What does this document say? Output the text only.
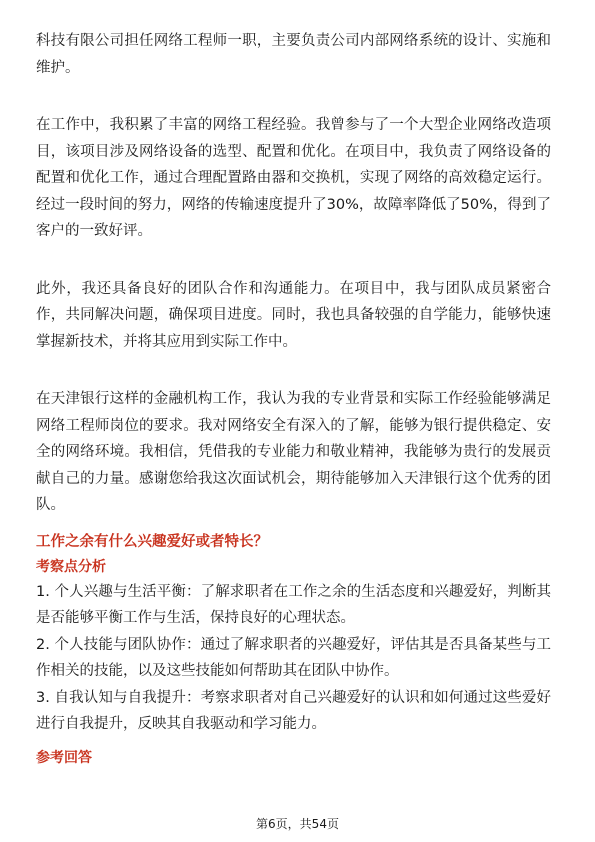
科技有限公司担任网络工程师一职，主要负责公司内部网络系统的设计、实施和维护。

在工作中，我积累了丰富的网络工程经验。我曾参与了一个大型企业网络改造项目，该项目涉及网络设备的选型、配置和优化。在项目中，我负责了网络设备的配置和优化工作，通过合理配置路由器和交换机，实现了网络的高效稳定运行。经过一段时间的努力，网络的传输速度提升了30%，故障率降低了50%，得到了客户的一致好评。

此外，我还具备良好的团队合作和沟通能力。在项目中，我与团队成员紧密合作，共同解决问题，确保项目进度。同时，我也具备较强的自学能力，能够快速掌握新技术，并将其应用到实际工作中。

在天津银行这样的金融机构工作，我认为我的专业背景和实际工作经验能够满足网络工程师岗位的要求。我对网络安全有深入的了解，能够为银行提供稳定、安全的网络环境。我相信，凭借我的专业能力和敬业精神，我能够为贵行的发展贡献自己的力量。感谢您给我这次面试机会，期待能够加入天津银行这个优秀的团队。

工作之余有什么兴趣爱好或者特长？

考察点分析

1. 个人兴趣与生活平衡：了解求职者在工作之余的生活态度和兴趣爱好，判断其是否能够平衡工作与生活，保持良好的心理状态。
2. 个人技能与团队协作：通过了解求职者的兴趣爱好，评估其是否具备某些与工作相关的技能，以及这些技能如何帮助其在团队中协作。
3. 自我认知与自我提升：考察求职者对自己兴趣爱好的认识和如何通过这些爱好进行自我提升，反映其自我驱动和学习能力。

参考回答

第6页，共54页
